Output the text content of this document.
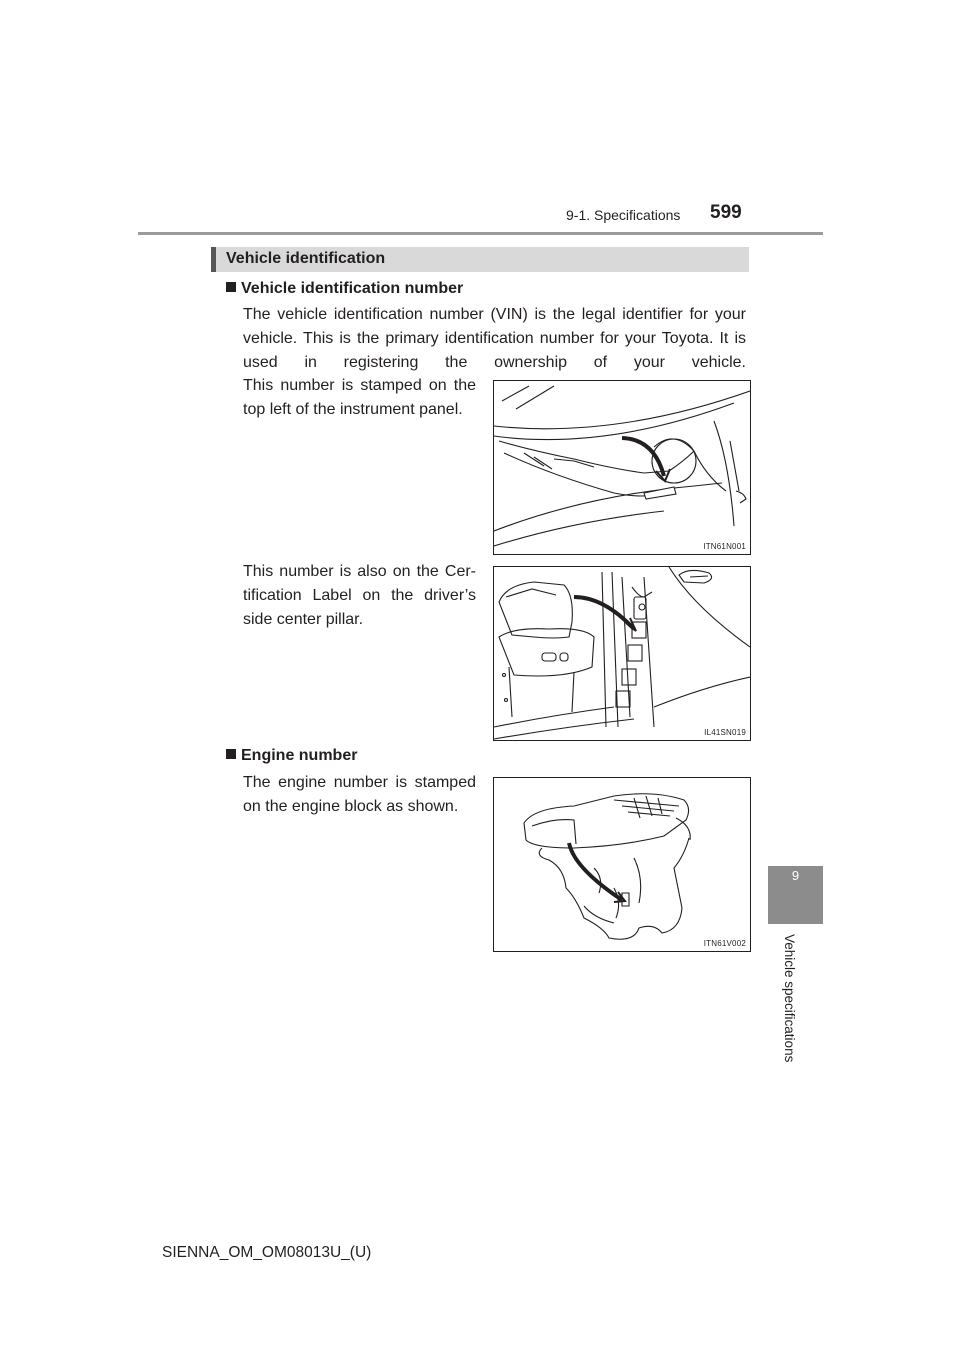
9-1. Specifications 599
9
Vehicle specifications
Vehicle identification
Vehicle identification number
The vehicle identification number (VIN) is the legal identifier for your vehicle. This is the primary identification number for your Toyota. It is used in registering the ownership of your vehicle.
This number is stamped on the
top left of the instrument panel.
ITN61N001
This number is also on the Cer-
tification Label on the driver’s
side center pillar.
IL41SN019
Engine number
The engine number is stamped
on the engine block as shown.
ITN61V002
SIENNA_OM_OM08013U_(U)
